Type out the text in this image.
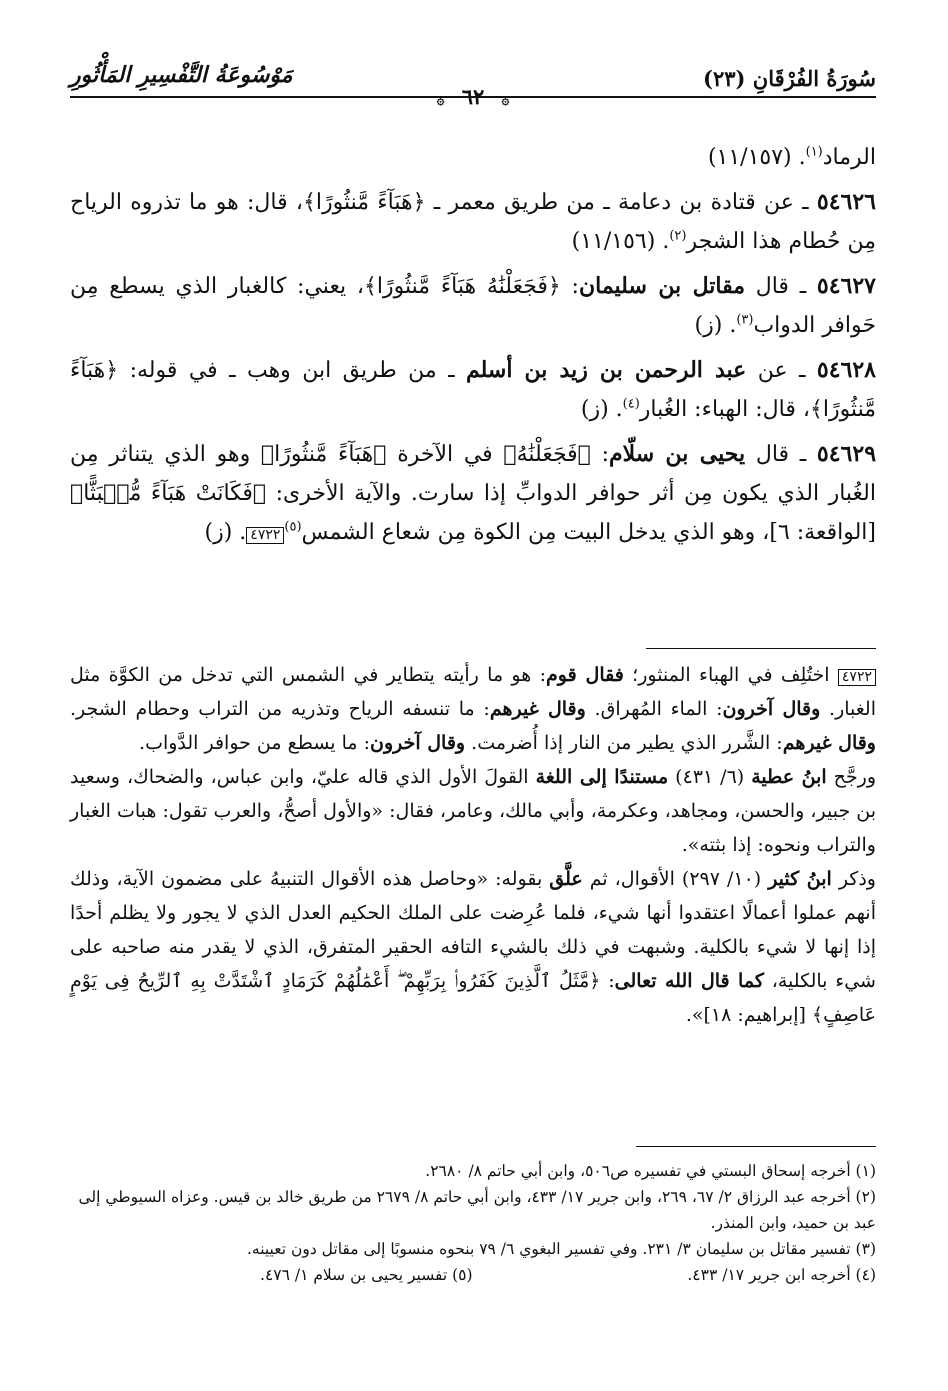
سُورَةُ الفُرْقَانِ (٢٣)
۞ ٦٢ ۞
مَوْسُوعَةُ التَّفْسِيرِ المَأْثُورِ

الرماد$^{(١)}$. (١١/١٥٧)

٥٤٦٢٦ ـ عن قتادة بن دعامة ـ من طريق معمر ـ ﴿هَبَآءً مَّنثُورًا﴾، قال: هو ما تذروه الرياح مِن حُطام هذا الشجر$^{(٢)}$. (١١/١٥٦)

٥٤٦٢٧ ـ قال مقاتل بن سليمان: ﴿فَجَعَلْنَٰهُ هَبَآءً مَّنثُورًا﴾، يعني: كالغبار الذي يسطع مِن حَوافر الدواب$^{(٣)}$. (ز)

٥٤٦٢٨ ـ عن عبد الرحمن بن زيد بن أسلم ـ من طريق ابن وهب ـ في قوله: ﴿هَبَآءً مَّنثُورًا﴾، قال: الهباء: الغُبار$^{(٤)}$. (ز)

٥٤٦٢٩ ـ قال يحيى بن سلّام: ﴿فَجَعَلْنَٰهُ﴾ في الآخرة ﴿هَبَآءً مَّنثُورًا﴾ وهو الذي يتناثر مِن الغُبار الذي يكون مِن أثر حوافر الدوابِّ إذا سارت. والآية الأخرى: ﴿فَكَانَتْ هَبَآءً مُّنۢبَثًّا﴾ [الواقعة: ٦]، وهو الذي يدخل البيت مِن الكوة مِن شعاع الشمس$^{(٥)}$٤٧٢٢. (ز)

٤٧٢٢ اختُلِف في الهباء المنثور؛ فقال قوم: هو ما رأيته يتطاير في الشمس التي تدخل من الكوَّة مثل الغبار. وقال آخرون: الماء المُهراق. وقال غيرهم: ما تنسفه الرياح وتذريه من التراب وحطام الشجر. وقال غيرهم: الشَّرر الذي يطير من النار إذا أُضرمت. وقال آخرون: ما يسطع من حوافر الدَّواب.

ورجَّح ابنُ عطية (٦/ ٤٣١) مستندًا إلى اللغة القولَ الأول الذي قاله عليّ، وابن عباس، والضحاك، وسعيد بن جبير، والحسن، ومجاهد، وعكرمة، وأبي مالك، وعامر، فقال: «والأول أصحُّ، والعرب تقول: هبات الغبار والتراب ونحوه: إذا بثته».

وذكر ابنُ كثير (١٠/ ٢٩٧) الأقوال، ثم علَّق بقوله: «وحاصل هذه الأقوال التنبيهُ على مضمون الآية، وذلك أنهم عملوا أعمالًا اعتقدوا أنها شيء، فلما عُرِضت على الملك الحكيم العدل الذي لا يجور ولا يظلم أحدًا إذا إنها لا شيء بالكلية. وشبهت في ذلك بالشيء التافه الحقير المتفرق، الذي لا يقدر منه صاحبه على شيء بالكلية، كما قال الله تعالى: ﴿مَّثَلُ ٱلَّذِينَ كَفَرُوا۟ بِرَبِّهِمْ ۖ أَعْمَٰلُهُمْ كَرَمَادٍ ٱشْتَدَّتْ بِهِ ٱلرِّيحُ فِى يَوْمٍ عَاصِفٍ﴾ [إبراهيم: ١٨]».

(١) أخرجه إسحاق البستي في تفسيره ص٥٠٦، وابن أبي حاتم ٨/ ٢٦٨٠.

(٢) أخرجه عبد الرزاق ٢/ ٦٧، ٢٦٩، وابن جرير ١٧/ ٤٣٣، وابن أبي حاتم ٨/ ٢٦٧٩ من طريق خالد بن قيس. وعزاه السيوطي إلى عبد بن حميد، وابن المنذر.

(٣) تفسير مقاتل بن سليمان ٣/ ٢٣١. وفي تفسير البغوي ٦/ ٧٩ بنحوه منسوبًا إلى مقاتل دون تعيينه.

(٤) أخرجه ابن جرير ١٧/ ٤٣٣.
(٥) تفسير يحيى بن سلام ١/ ٤٧٦.
